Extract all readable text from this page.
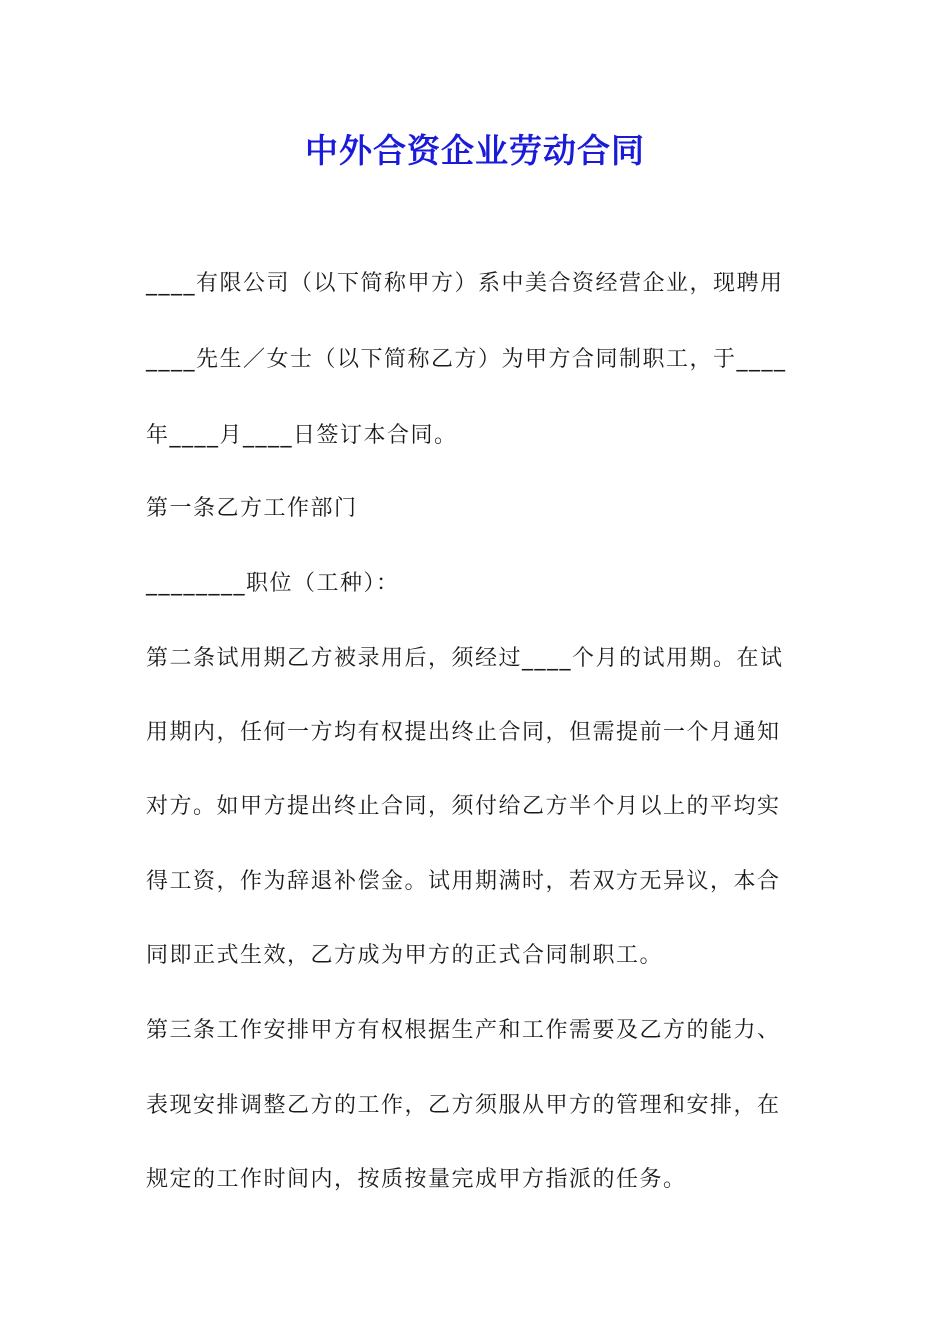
中外合资企业劳动合同

____有限公司（以下简称甲方）系中美合资经营企业，现聘用

____先生／女士（以下简称乙方）为甲方合同制职工，于____

年____月____日签订本合同。

第一条乙方工作部门

________职位（工种）：

第二条试用期乙方被录用后，须经过____个月的试用期。在试

用期内，任何一方均有权提出终止合同，但需提前一个月通知

对方。如甲方提出终止合同，须付给乙方半个月以上的平均实

得工资，作为辞退补偿金。试用期满时，若双方无异议，本合

同即正式生效，乙方成为甲方的正式合同制职工。

第三条工作安排甲方有权根据生产和工作需要及乙方的能力、

表现安排调整乙方的工作，乙方须服从甲方的管理和安排，在

规定的工作时间内，按质按量完成甲方指派的任务。
